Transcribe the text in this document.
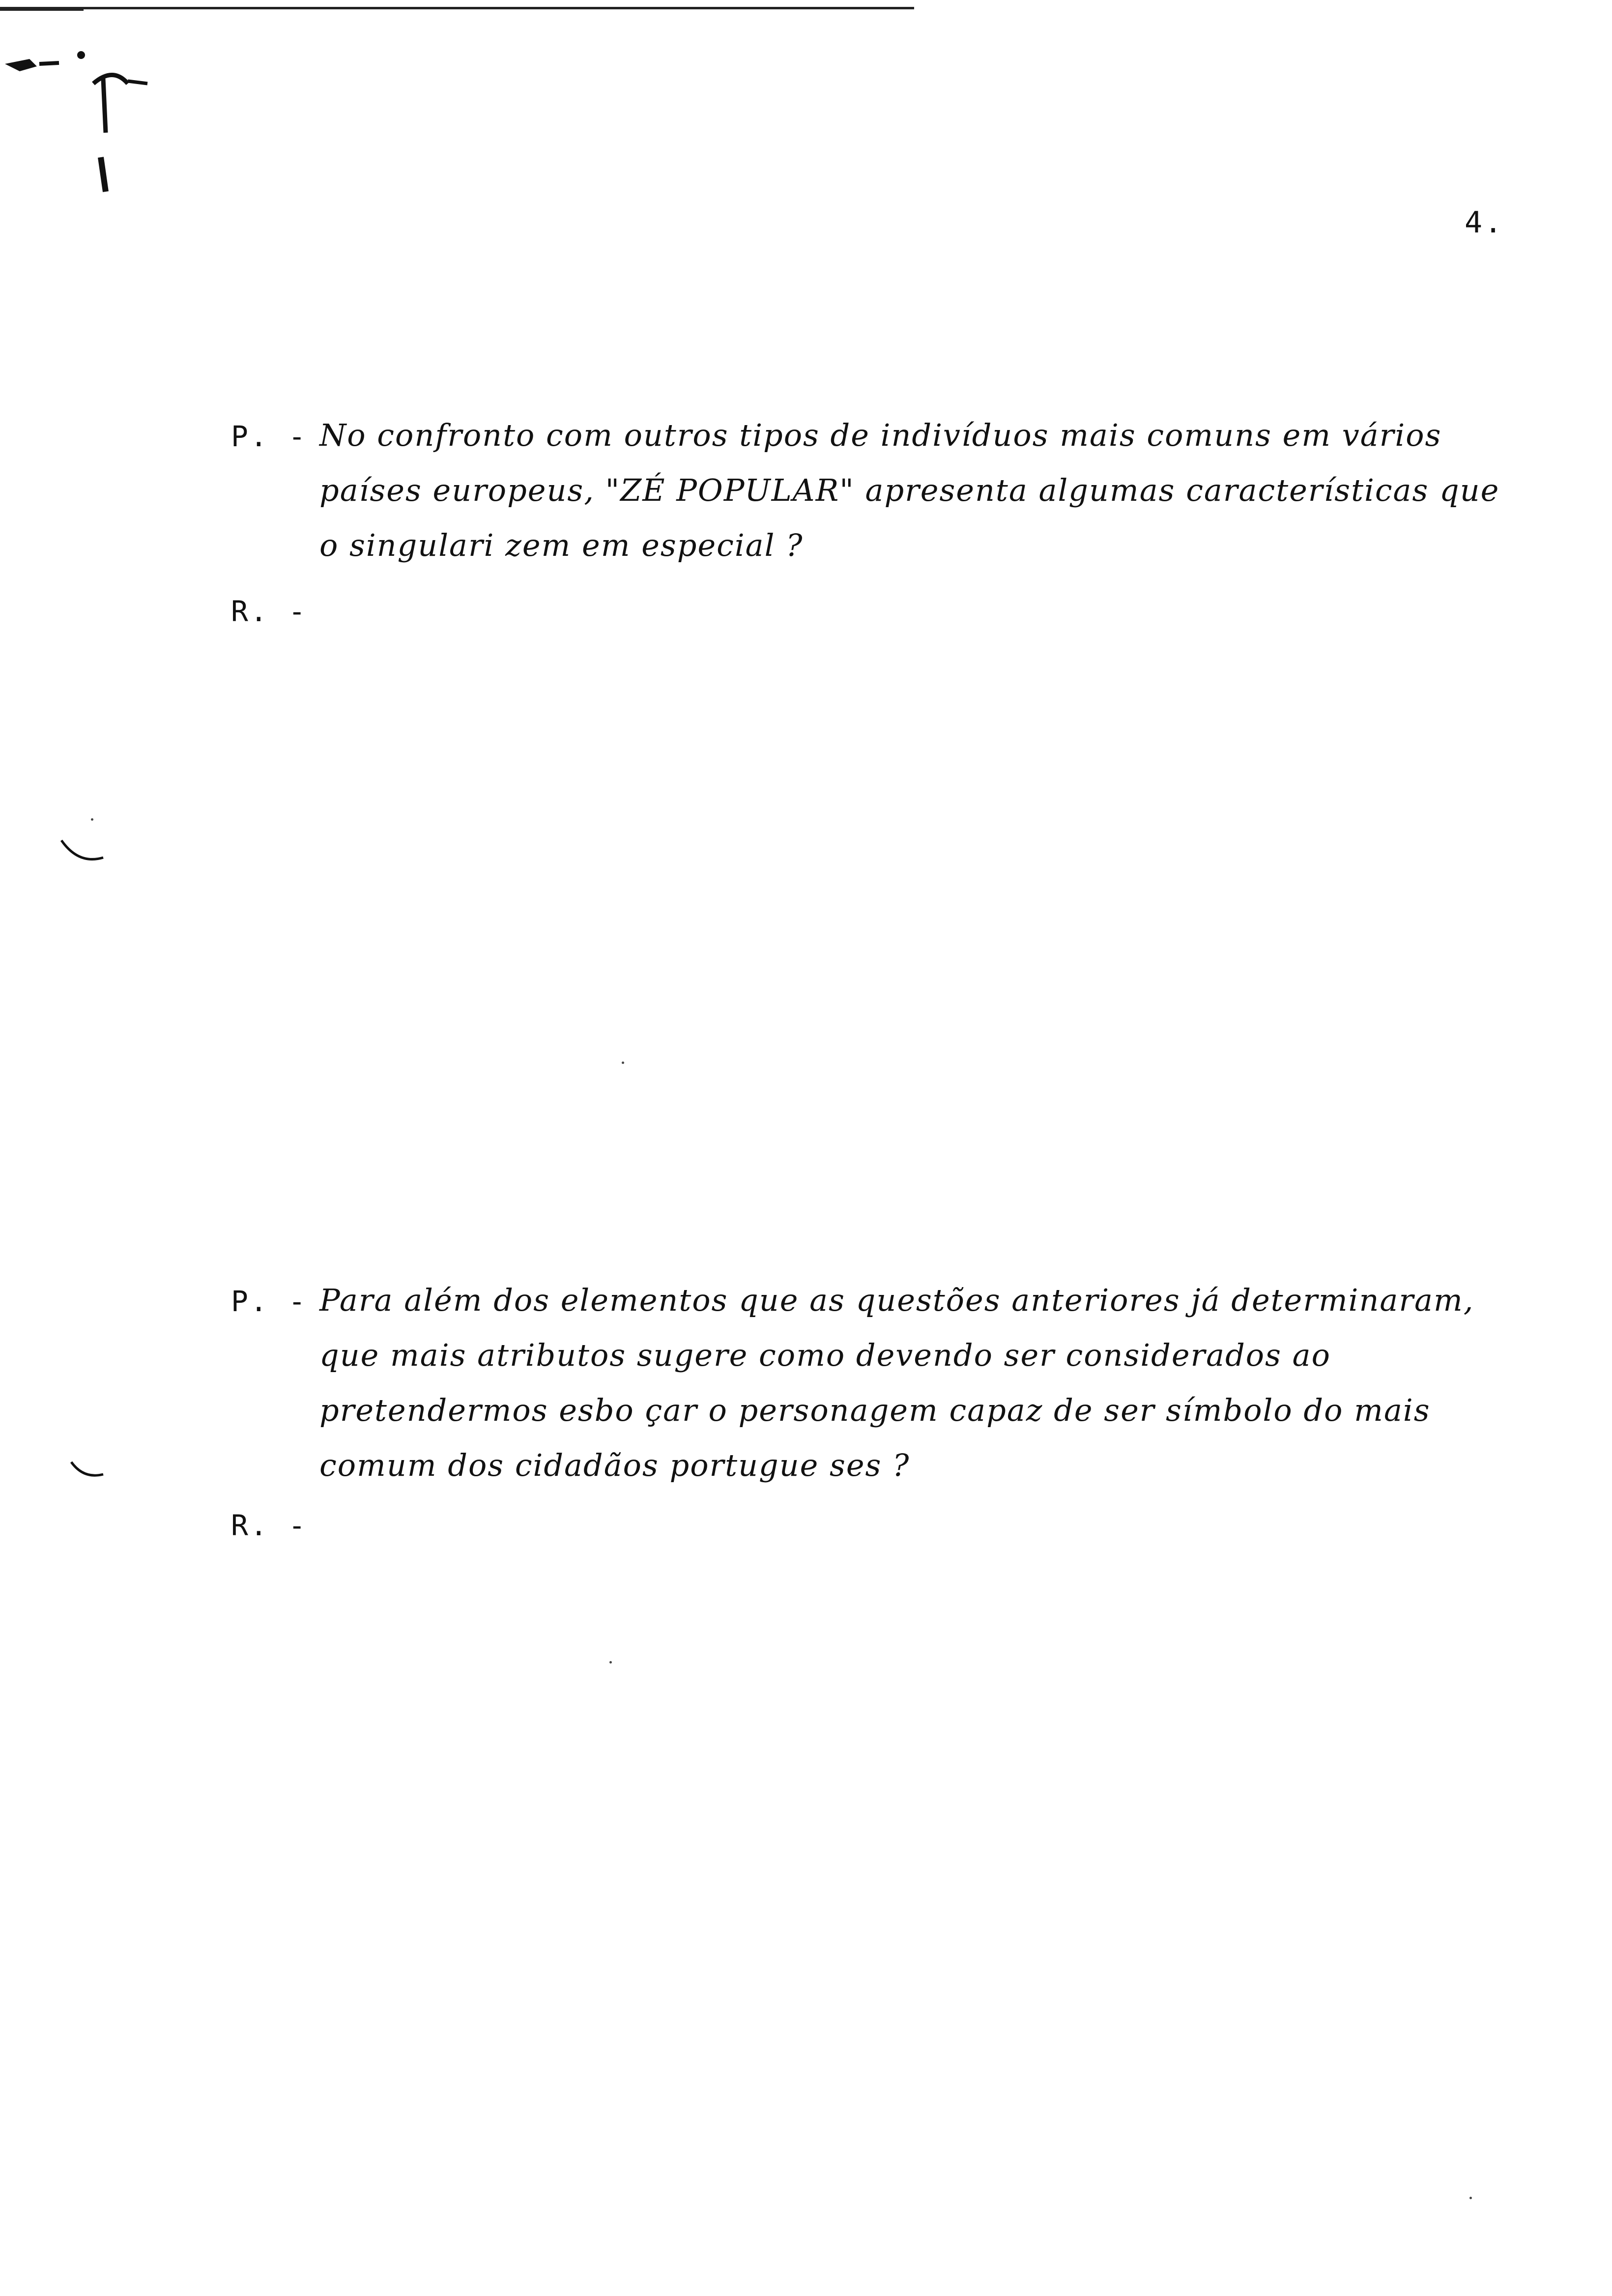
4.
P. - No confronto com outros tipos de indivíduos mais comuns em vários países europeus, "ZÉ POPULAR" apresenta algumas características que o singulari zem em especial ?
R. -
P. - Para além dos elementos que as questões anteriores já determinaram, que mais atributos sugere como devendo ser considerados ao pretendermos esbo çar o personagem capaz de ser símbolo do mais comum dos cidadãos portugue ses ?
R. -
